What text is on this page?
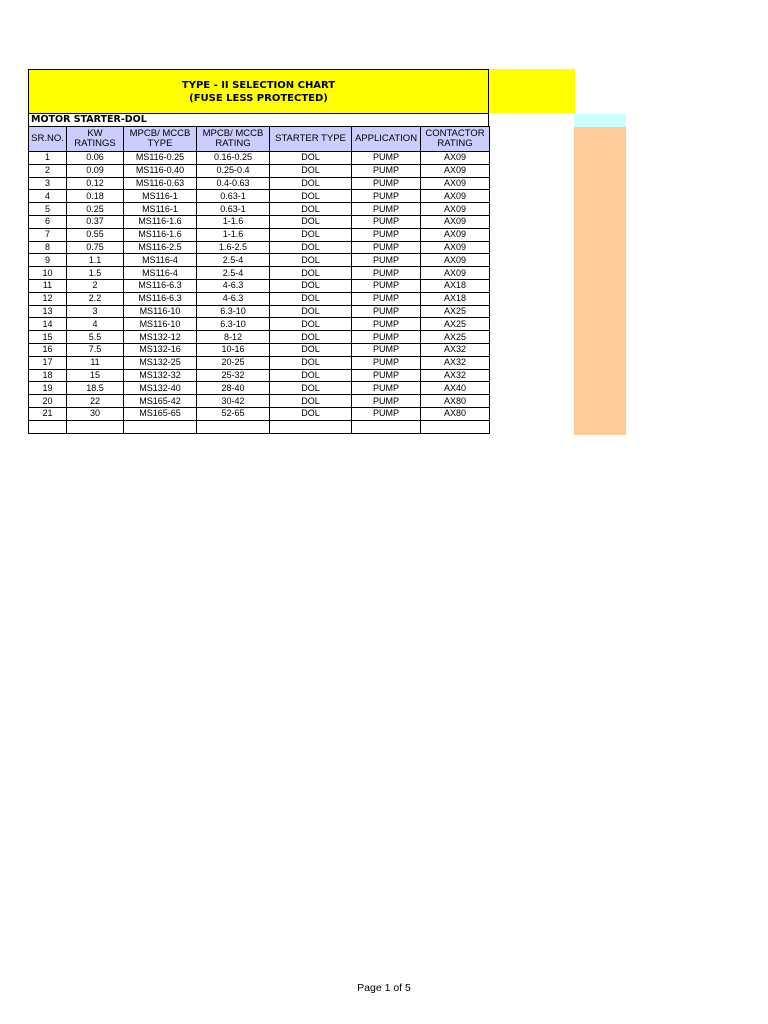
TYPE - II SELECTION CHART
(FUSE LESS PROTECTED)
MOTOR STARTER-DOL
SR.NO.	KW RATINGS	MPCB/ MCCB TYPE	MPCB/ MCCB RATING	STARTER TYPE	APPLICATION	CONTACTOR RATING
1	0.06	MS116-0.25	0.16-0.25	DOL	PUMP	AX09
2	0.09	MS116-0.40	0.25-0.4	DOL	PUMP	AX09
3	0.12	MS116-0.63	0.4-0.63	DOL	PUMP	AX09
4	0.18	MS116-1	0.63-1	DOL	PUMP	AX09
5	0.25	MS116-1	0.63-1	DOL	PUMP	AX09
6	0.37	MS116-1.6	1-1.6	DOL	PUMP	AX09
7	0.55	MS116-1.6	1-1.6	DOL	PUMP	AX09
8	0.75	MS116-2.5	1.6-2.5	DOL	PUMP	AX09
9	1.1	MS116-4	2.5-4	DOL	PUMP	AX09
10	1.5	MS116-4	2.5-4	DOL	PUMP	AX09
11	2	MS116-6.3	4-6.3	DOL	PUMP	AX18
12	2.2	MS116-6.3	4-6.3	DOL	PUMP	AX18
13	3	MS116-10	6.3-10	DOL	PUMP	AX25
14	4	MS116-10	6.3-10	DOL	PUMP	AX25
15	5.5	MS132-12	8-12	DOL	PUMP	AX25
16	7.5	MS132-16	10-16	DOL	PUMP	AX32
17	11	MS132-25	20-25	DOL	PUMP	AX32
18	15	MS132-32	25-32	DOL	PUMP	AX32
19	18.5	MS132-40	28-40	DOL	PUMP	AX40
20	22	MS165-42	30-42	DOL	PUMP	AX80
21	30	MS165-65	52-65	DOL	PUMP	AX80

Page 1 of 5
